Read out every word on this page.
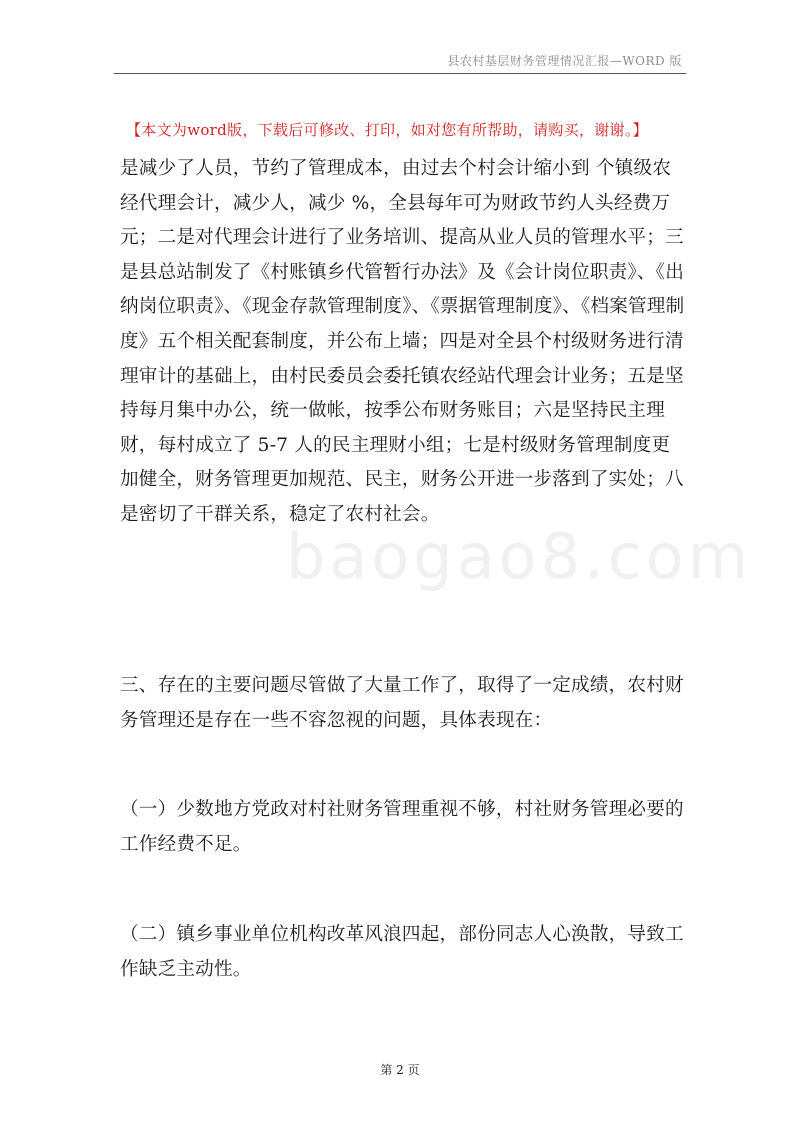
县农村基层财务管理情况汇报—WORD 版
【本文为word版，下载后可修改、打印，如对您有所帮助，请购买，谢谢。】
baogao8.com

是减少了人员，节约了管理成本，由过去个村会计缩小到 个镇级农经代理会计，减少人，减少 %，全县每年可为财政节约人头经费万元；二是对代理会计进行了业务培训、提高从业人员的管理水平；三是县总站制发了《村账镇乡代管暂行办法》及《会计岗位职责》、《出纳岗位职责》、《现金存款管理制度》、《票据管理制度》、《档案管理制度》五个相关配套制度，并公布上墙；四是对全县个村级财务进行清理审计的基础上，由村民委员会委托镇农经站代理会计业务；五是坚持每月集中办公，统一做帐，按季公布财务账目；六是坚持民主理财，每村成立了 5-7 人的民主理财小组；七是村级财务管理制度更加健全，财务管理更加规范、民主，财务公开进一步落到了实处；八是密切了干群关系，稳定了农村社会。

三、存在的主要问题尽管做了大量工作了，取得了一定成绩，农村财务管理还是存在一些不容忽视的问题，具体表现在：

（一）少数地方党政对村社财务管理重视不够，村社财务管理必要的工作经费不足。

（二）镇乡事业单位机构改革风浪四起，部份同志人心涣散，导致工作缺乏主动性。

第 2 页
